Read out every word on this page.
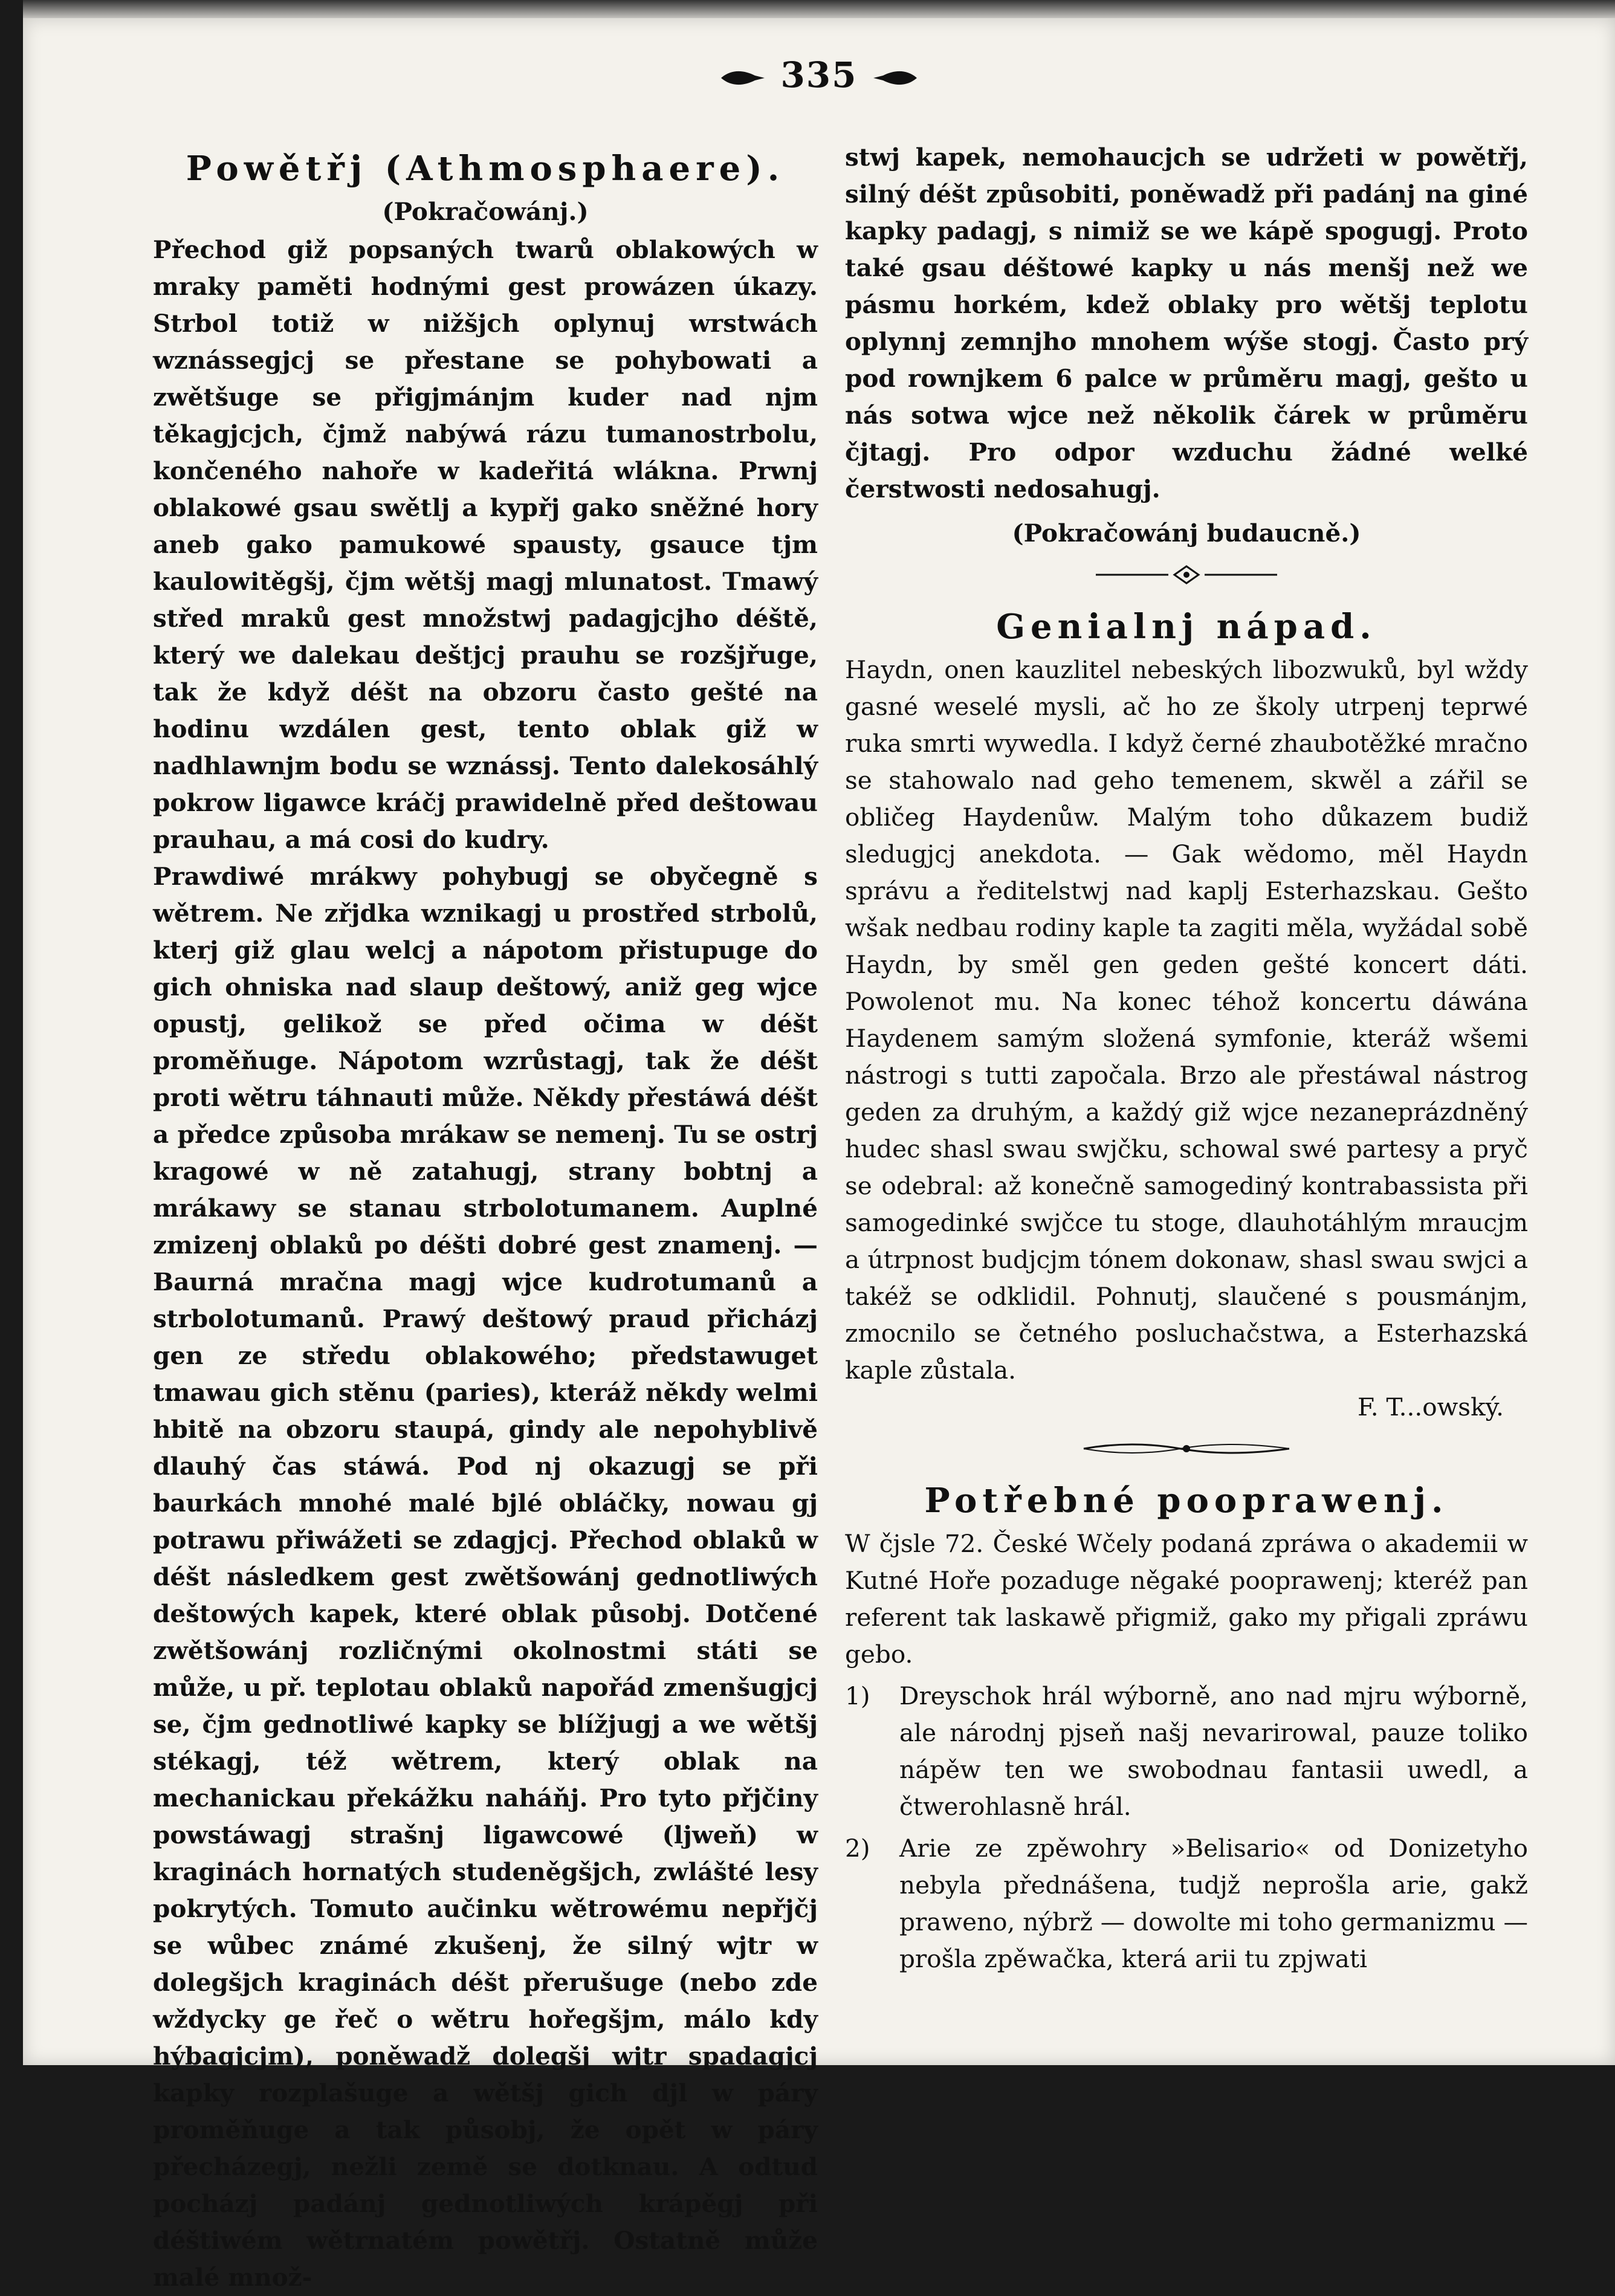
335
Powětřj (Athmosphaere).
(Pokračowánj.)

Přechod giž popsaných twarů oblakowých w mraky paměti hodnými gest prowázen úkazy. Strbol totiž w nižšjch oplynuj wrstwách wznássegjcj se přestane se pohybowati a zwětšuge se přigjmánjm kuder nad njm těkagjcjch, čjmž nabýwá rázu tumanostrbolu, končeného nahoře w kadeřitá wlákna. Prwnj oblakowé gsau swětlj a kypřj gako sněžné hory aneb gako pamukowé spausty, gsauce tjm kaulowitěgšj, čjm wětšj magj mlunatost. Tmawý střed mraků gest množstwj padagjcjho déště, který we dalekau deštjcj prauhu se rozšjřuge, tak že když déšt na obzoru často gešté na hodinu wzdálen gest, tento oblak giž w nadhlawnjm bodu se wznássj. Tento dalekosáhlý pokrow ligawce kráčj prawidelně před deštowau prauhau, a má cosi do kudry.

Prawdiwé mrákwy pohybugj se obyčegně s wětrem. Ne zřjdka wznikagj u prostřed strbolů, kterj giž glau welcj a nápotom přistupuge do gich ohniska nad slaup deštowý, aniž geg wjce opustj, gelikož se před očima w déšt proměňuge. Nápotom wzrůstagj, tak že déšt proti wětru táhnauti může. Někdy přestáwá déšt a předce způsoba mrákaw se nemenj. Tu se ostrj kragowé w ně zatahugj, strany bobtnj a mrákawy se stanau strbolotumanem. Auplné zmizenj oblaků po déšti dobré gest znamenj. — Baurná mračna magj wjce kudrotumanů a strbolotumanů. Prawý deštowý praud přicházj gen ze středu oblakowého; předstawuget tmawau gich stěnu (paries), kteráž někdy welmi hbitě na obzoru staupá, gindy ale nepohyblivě dlauhý čas stáwá. Pod nj okazugj se při baurkách mnohé malé bjlé obláčky, nowau gj potrawu přiwážeti se zdagjcj. Přechod oblaků w déšt následkem gest zwětšowánj gednotliwých deštowých kapek, které oblak působj. Dotčené zwětšowánj rozličnými okolnostmi státi se může, u př. teplotau oblaků napořád zmenšugjcj se, čjm gednotliwé kapky se blížjugj a we wětšj stékagj, též wětrem, který oblak na mechanickau překážku naháňj. Pro tyto přjčiny powstáwagj strašnj ligawcowé (ljweň) w kraginách hornatých studeněgšjch, zwlášté lesy pokrytých. Tomuto aučinku wětrowému nepřjčj se wůbec známé zkušenj, že silný wjtr w dolegšjch kraginách déšt přerušuge (nebo zde wždycky ge řeč o wětru hořegšjm, málo kdy hýbagjcjm), poněwadž dolegšj wjtr spadagjcj kapky rozplašuge a wětšj gich djl w páry proměňuge a tak působj, že opět w páry přecházegj, nežli země se dotknau. A odtud pocházj padánj gednotliwých krápěgj při déštiwém wětrnatém powětřj. Ostatně může malé množ-

stwj kapek, nemohaucjch se udržeti w powětřj, silný déšt způsobiti, poněwadž při padánj na giné kapky padagj, s nimiž se we kápě spogugj. Proto také gsau déštowé kapky u nás menšj než we pásmu horkém, kdež oblaky pro wětšj teplotu oplynnj zemnjho mnohem wýše stogj. Často prý pod rownjkem 6 palce w průměru magj, gešto u nás sotwa wjce než několik čárek w průměru čjtagj. Pro odpor wzduchu žádné welké čerstwosti nedosahugj.

(Pokračowánj budaucně.)
Genialnj nápad.

Haydn, onen kauzlitel nebeských libozwuků, byl wždy gasné weselé mysli, ač ho ze školy utrpenj teprwé ruka smrti wywedla. I když černé zhaubotěžké mračno se stahowalo nad geho temenem, skwěl a zářil se obličeg Haydenůw. Malým toho důkazem budiž sledugjcj anekdota. — Gak wědomo, měl Haydn správu a ředitelstwj nad kaplj Esterhazskau. Gešto wšak nedbau rodiny kaple ta zagiti měla, wyžádal sobě Haydn, by směl gen geden gešté koncert dáti. Powolenot mu. Na konec téhož koncertu dáwána Haydenem samým složená symfonie, kteráž wšemi nástrogi s tutti započala. Brzo ale přestáwal nástrog geden za druhým, a každý giž wjce nezaneprázdněný hudec shasl swau swjčku, schowal swé partesy a pryč se odebral: až konečně samogediný kontrabassista při samogedinké swjčce tu stoge, dlauhotáhlým mraucjm a útrpnost budjcjm tónem dokonaw, shasl swau swjci a takéž se odklidil. Pohnutj, slaučené s pousmánjm, zmocnilo se četného posluchačstwa, a Esterhazská kaple zůstala.

F. T...owský.
Potřebné pooprawenj.

W čjsle 72. České Wčely podaná zpráwa o akademii w Kutné Hoře pozaduge něgaké pooprawenj; kteréž pan referent tak laskawě přigmiž, gako my přigali zpráwu gebo.

1)	Dreyschok hrál wýborně, ano nad mjru wýborně, ale národnj pjseň našj nevarirowal, pauze toliko nápěw ten we swobodnau fantasii uwedl, a čtwerohlasně hrál.
2)	Arie ze zpěwohry »Belisario« od Donizetyho nebyla přednášena, tudjž neprošla arie, gakž praweno, nýbrž — dowolte mi toho germanizmu — prošla zpěwačka, která arii tu zpjwati
